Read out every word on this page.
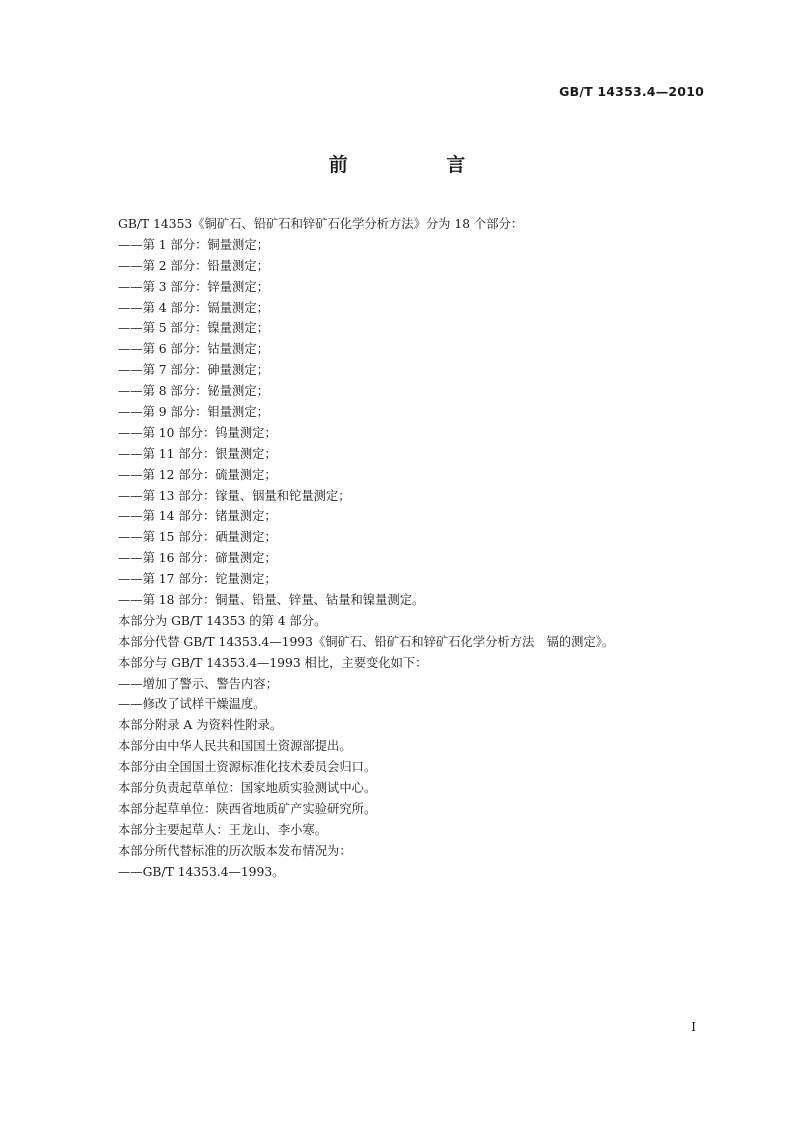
GB/T 14353.4—2010
前 言
GB/T 14353《铜矿石、铅矿石和锌矿石化学分析方法》分为 18 个部分：
——第 1 部分：铜量测定；
——第 2 部分：铅量测定；
——第 3 部分：锌量测定；
——第 4 部分：镉量测定；
——第 5 部分：镍量测定；
——第 6 部分：钴量测定；
——第 7 部分：砷量测定；
——第 8 部分：铋量测定；
——第 9 部分：钼量测定；
——第 10 部分：钨量测定；
——第 11 部分：银量测定；
——第 12 部分：硫量测定；
——第 13 部分：镓量、铟量和铊量测定；
——第 14 部分：锗量测定；
——第 15 部分：硒量测定；
——第 16 部分：碲量测定；
——第 17 部分：铊量测定；
——第 18 部分：铜量、铅量、锌量、钴量和镍量测定。
本部分为 GB/T 14353 的第 4 部分。
本部分代替 GB/T 14353.4—1993《铜矿石、铅矿石和锌矿石化学分析方法　镉的测定》。
本部分与 GB/T 14353.4—1993 相比，主要变化如下：
——增加了警示、警告内容；
——修改了试样干燥温度。
本部分附录 A 为资料性附录。
本部分由中华人民共和国国土资源部提出。
本部分由全国国土资源标准化技术委员会归口。
本部分负责起草单位：国家地质实验测试中心。
本部分起草单位：陕西省地质矿产实验研究所。
本部分主要起草人：王龙山、李小寒。
本部分所代替标准的历次版本发布情况为：
——GB/T 14353.4—1993。
I
